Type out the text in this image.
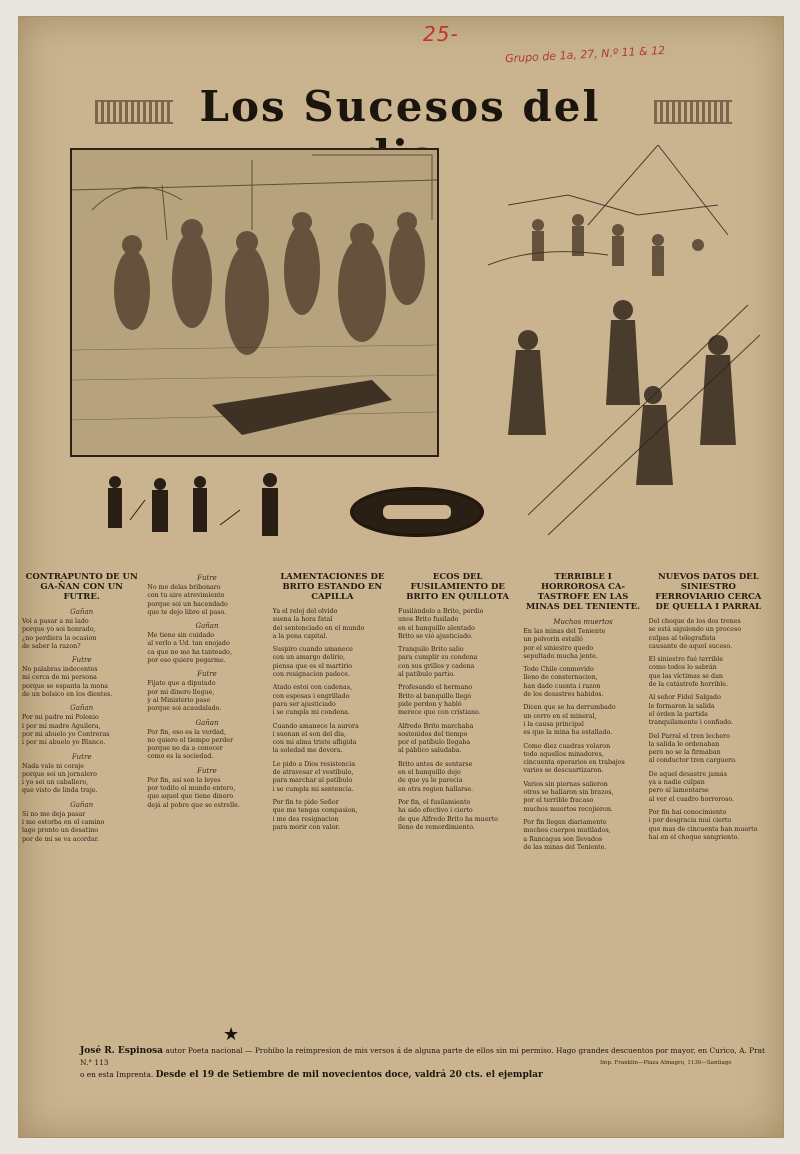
25-
Grupo de 1a, 27, N.º 11 & 12
Los Sucesos del
CONTRAPUNTO DE UN GA-ÑAN CON UN FUTRE.
Gañan
Voi a pasar a mi lado
porque yo soi honrado,
¿no perdiera la ocasion
de saber la razon?
Futre
No palabras indecentes
mi cerca de mi persona
porque se espanta la mona
de un bolsico en los dientes.
Gañan
Por mi padre mi Polonio
i por mi madre Aguilera,
por mi abuelo yo Contreras
i por mi abuelo yo Blanco.
Futre
Nada vale ni coraje
porque soi un jornalero
i yo soi un caballero,
que visto de linda traje.
Gañan
Si no me deja pasar
i me estorba en el camino
lago pronto un desatino
por de mi se va acordar.
Futre
No me delas bribonaro
con tu aire atrevimiento
porque soi un hacendado
que te dejo libre el paso.
Gañan
Me tiene sin cuidado
al verlo a Ud. tan enojado
ca que no me ha tanteado,
por eso quiere pegarme.
Futre
Fijate que a diputado
por mi dinero llegue,
y al Ministerio pase
porque soi acaudalado.
Gañan
Por fin, eso es la verdad,
no quiero el tiempo perder
porque no da a conocer
como es la sociedad.
Futre
Por fin, asi son la leyes
por todito el mundo entero,
que aquel que tiene dinero
dejá al pobre que se estrelle.
LAMENTACIONES DE BRITO ESTANDO EN CAPILLA
Ya el reloj del olvido
suena la hora fatal
del sentenciado en el mundo
a la pena capital.
Suspiro cuando amanece
con un amargo delirio,
piensa que es el martirio
con resignacion padece.
Atado estoi con cadenas,
con esposas i engrillado
para ser ajusticiado
i se cumpla mi condena.
Cuando amanece la aurora
i suenan el son del dia,
con mi alma triste afligida
la soledad me devora.
Le pido a Dios resistencia
de atravesar el vestíbulo,
para marchar al patíbulo
i se cumpla mi sentencia.
Por fin te pido Señor
que me tengas compasion,
i me des resignacion
para morir con valor.
ECOS DEL FUSILAMIENTO DE BRITO EN QUILLOTA
Fusilándolo a Brito, perdio
unos Brito fusilado
en el banquillo alentado
Brito se vió ajusticiado.
Tranquilo Brito salio
para cumplir su condena
con sus grillos y cadena
al patíbulo partio.
Profesando el hermano
Brito al banquillo llegó
pide perdon y habló
merece que con cristiano.
Alfredo Brito marchaba
sostenidos del tiempo
por el patíbulo llegaba
al páblico saludaba.
Brito antes de sentarse
en el banquillo dejo
de que ya le parecia
en otra region hallarse.
Por fin, el fusilamiento
ha sido efectivo i cierto
de que Alfredo Brito ha muerto
lleno de remordimiento.
TERRIBLE I HORROROSA CA-TASTROFE EN LAS MINAS DEL TENIENTE.
Muchos muertos
En las minas del Teniente
un polvorin estalló
por el siniestro quedo
sepultado mucha jente.
Todo Chile conmovido
lleno de consternacion,
han dado cuenta i razon
de los desastres habidos.
Dicen que se ha derrumbado
un cerro en el mineral,
i la causa principal
es que la mina ha estallado.
Como diez cuadras volaron
todo aquellos minadores,
cincuenta operarios en trabajos
varios se descuartizaron.
Varios sin piernas salieron
otros se hallaron sin brazos,
por el terrible fracaso
muchos muertos recojieron.
Por fin llegan diariamente
muchos cuerpos mutilados,
a Rancagua son llevados
de las minas del Teniente.
NUEVOS DATOS DEL SINIESTRO FERROVIARIO CERCA DE QUELLA I PARRAL
Del choque de los dos trenes
se está siguiendo un proceso
culpas al telegrafista
causante de aquel suceso.
El siniestro fué terrible
como todos lo sabrán
que las víctimas se dan
de la catástrofe horrible.
Al señor Fidel Salgado
le formaron la salida
el órden la partida
tranquilamente i confiado.
Del Parral el tren lechero
la salida le ordenaban
pero no se la firmaban
al conductor tren carguero.
De aquel desastre jamás
ya a nadie culpan
pero al lamentarse
al ver el cuadro horroroso.
Por fin hai conocimiento
i por desgracia muí cierto
que mas de cincuenta han muerto
hai en el choque sangriento.
★
José R. Espinosa autor Poeta nacional — Prohibo la reimpresion de mis versos á de alguna parte de ellos sin mi permiso. Hago grandes descuentos por mayor, en Curico, A. Prat N.° 113
o en esta Imprenta. Desde el 19 de Setiembre de mil novecientos doce, valdrá 20 cts. el ejemplar
Imp. Franklin—Plaza Almagro, 1130—Santiago
